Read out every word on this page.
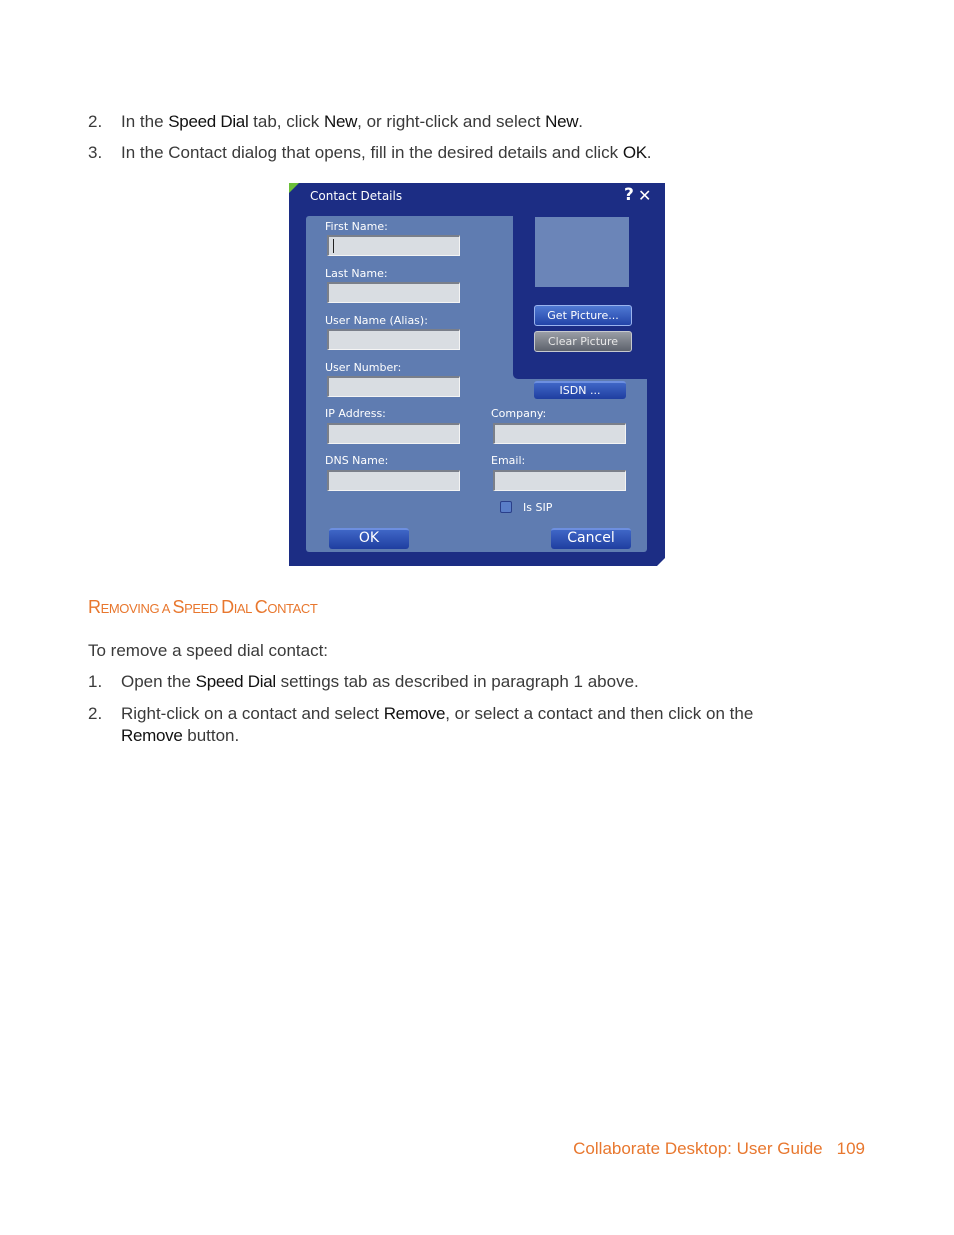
2. In the Speed Dial tab, click New, or right-click and select New.
3. In the Contact dialog that opens, fill in the desired details and click OK.
Contact Details	? ✕
First Name:
Last Name:
User Name (Alias):
User Number:
IP Address:
DNS Name:
Get Picture...
Clear Picture
ISDN ...
Company:
Email:
Is SIP
OK	Cancel
REMOVING A SPEED DIAL CONTACT
To remove a speed dial contact:
1. Open the Speed Dial settings tab as described in paragraph 1 above.
2. Right-click on a contact and select Remove, or select a contact and then click on the
Remove button.
Collaborate Desktop: User Guide 109
